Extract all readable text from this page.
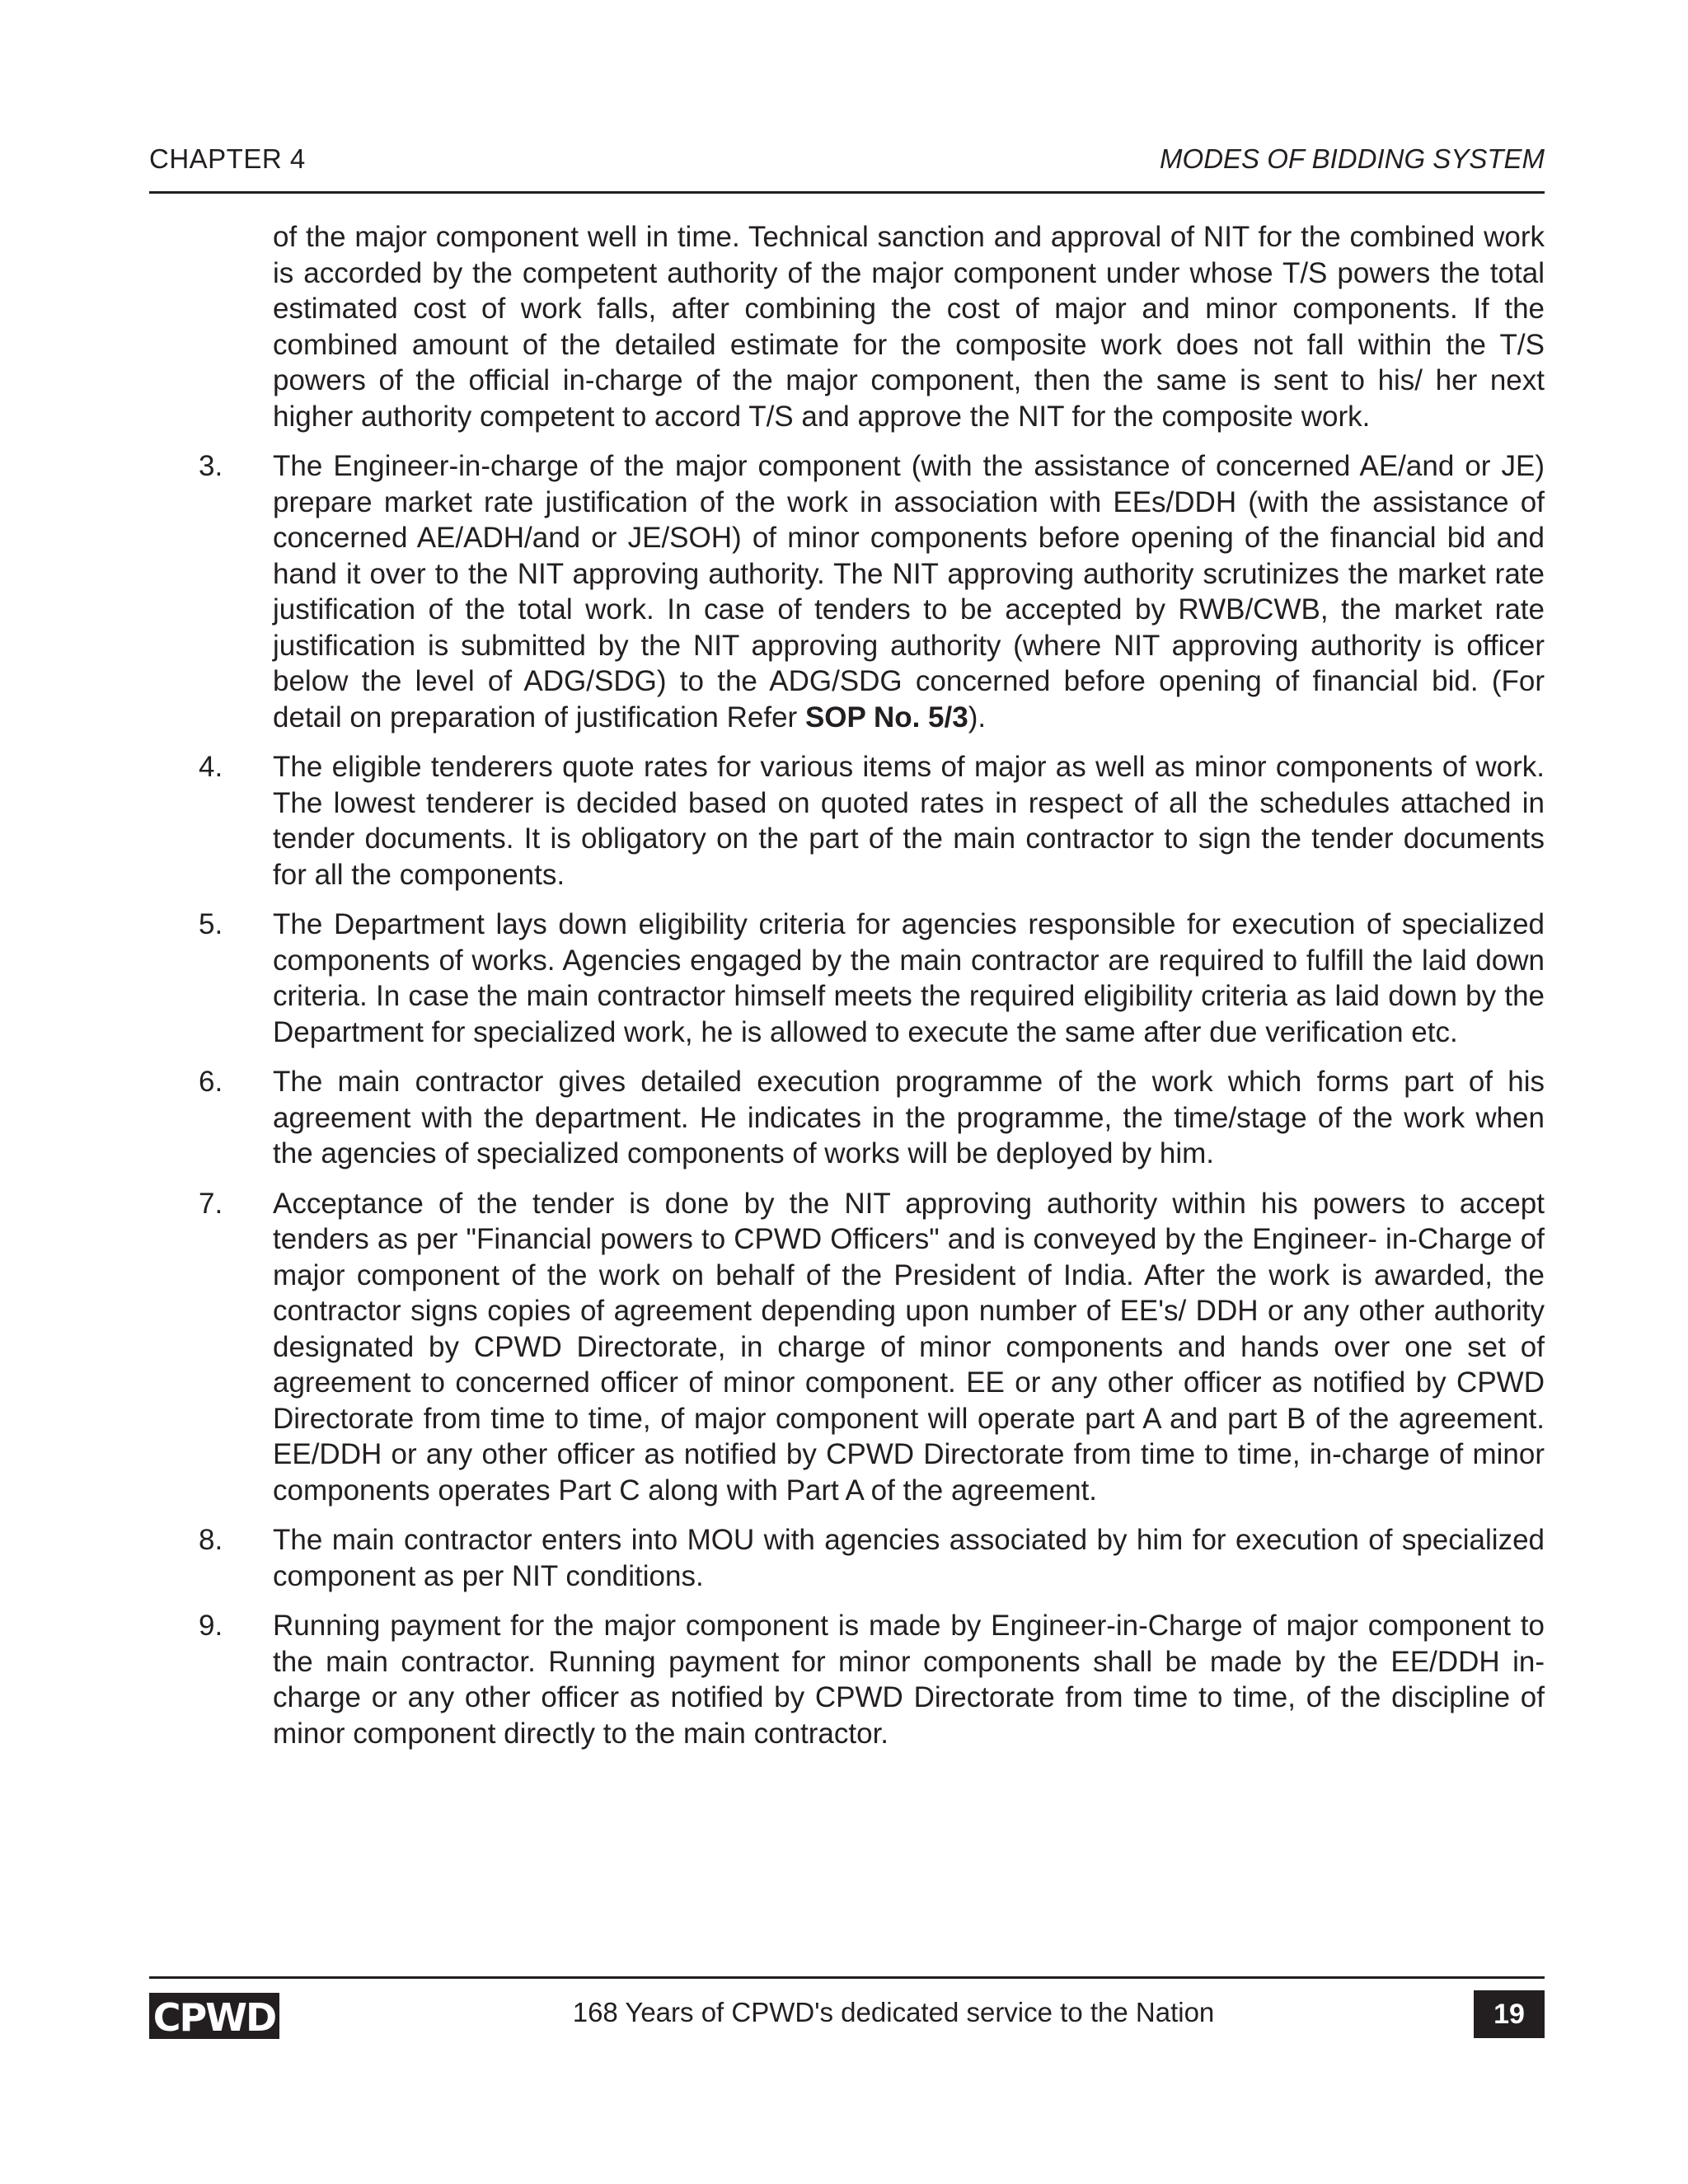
CHAPTER 4	MODES OF BIDDING SYSTEM

of the major component well in time. Technical sanction and approval of NIT for the combined work is accorded by the competent authority of the major component under whose T/S powers the total estimated cost of work falls, after combining the cost of major and minor components. If the combined amount of the detailed estimate for the composite work does not fall within the T/S powers of the official in-charge of the major component, then the same is sent to his/ her next higher authority competent to accord T/S and approve the NIT for the composite work.

3.	The Engineer-in-charge of the major component (with the assistance of concerned AE/and or JE) prepare market rate justification of the work in association with EEs/DDH (with the assistance of concerned AE/ADH/and or JE/SOH) of minor components before opening of the financial bid and hand it over to the NIT approving authority. The NIT approving authority scrutinizes the market rate justification of the total work. In case of tenders to be accepted by RWB/CWB, the market rate justification is submitted by the NIT approving authority (where NIT approving authority is officer below the level of ADG/SDG) to the ADG/SDG concerned before opening of financial bid. (For detail on preparation of justification Refer SOP No. 5/3).
4.	The eligible tenderers quote rates for various items of major as well as minor components of work. The lowest tenderer is decided based on quoted rates in respect of all the schedules attached in tender documents. It is obligatory on the part of the main contractor to sign the tender documents for all the components.
5.	The Department lays down eligibility criteria for agencies responsible for execution of specialized components of works. Agencies engaged by the main contractor are required to fulfill the laid down criteria. In case the main contractor himself meets the required eligibility criteria as laid down by the Department for specialized work, he is allowed to execute the same after due verification etc.
6.	The main contractor gives detailed execution programme of the work which forms part of his agreement with the department. He indicates in the programme, the time/stage of the work when the agencies of specialized components of works will be deployed by him.
7.	Acceptance of the tender is done by the NIT approving authority within his powers to accept tenders as per "Financial powers to CPWD Officers" and is conveyed by the Engineer- in-Charge of major component of the work on behalf of the President of India. After the work is awarded, the contractor signs copies of agreement depending upon number of EE's/ DDH or any other authority designated by CPWD Directorate, in charge of minor components and hands over one set of agreement to concerned officer of minor component. EE or any other officer as notified by CPWD Directorate from time to time, of major component will operate part A and part B of the agreement. EE/DDH or any other officer as notified by CPWD Directorate from time to time, in-charge of minor components operates Part C along with Part A of the agreement.
8.	The main contractor enters into MOU with agencies associated by him for execution of specialized component as per NIT conditions.
9.	Running payment for the major component is made by Engineer-in-Charge of major component to the main contractor. Running payment for minor components shall be made by the EE/DDH in-charge or any other officer as notified by CPWD Directorate from time to time, of the discipline of minor component directly to the main contractor.
CPWD	168 Years of CPWD's dedicated service to the Nation	19
